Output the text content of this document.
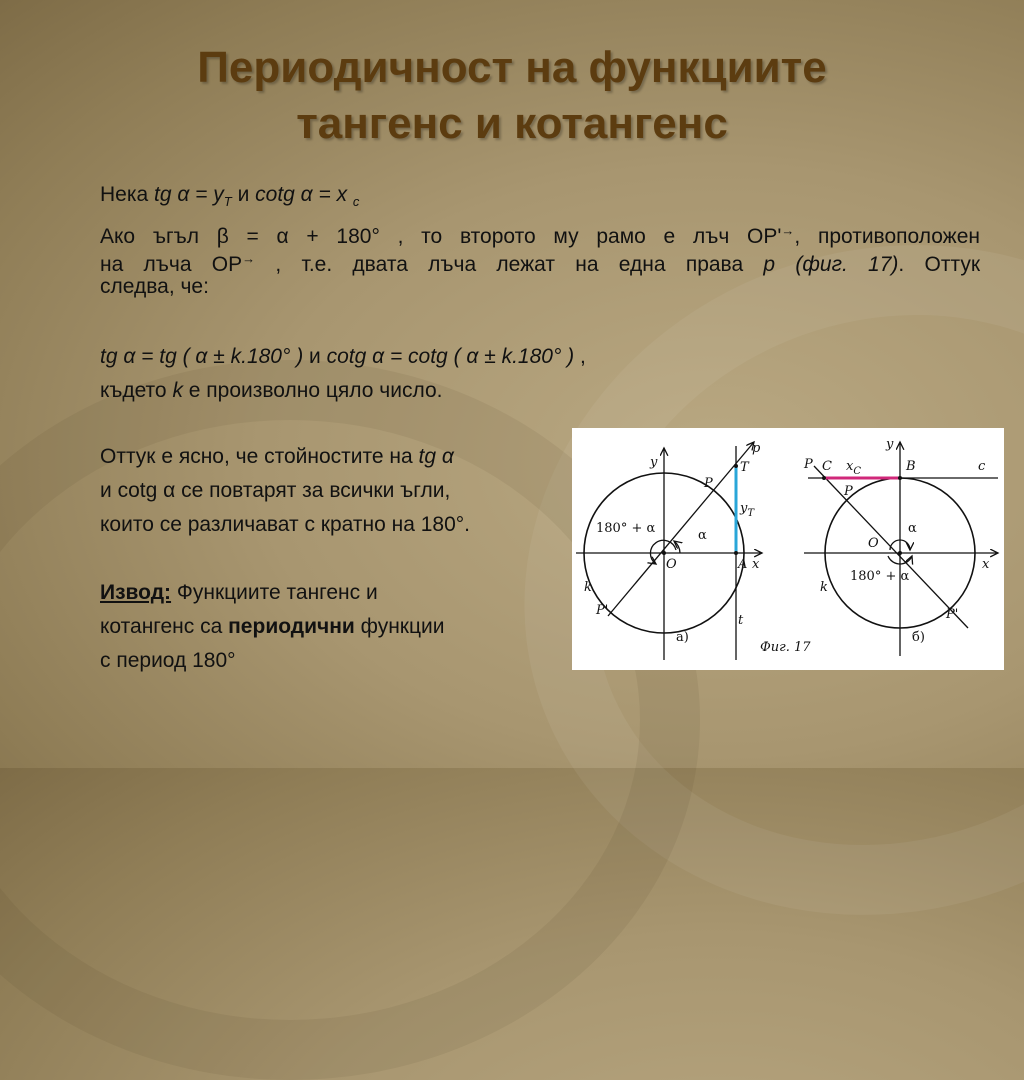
Периодичност на функциите
тангенс и котангенс
Нека tg $\alpha = y_T$ и cotg α = x $_c$
Ако ъгъл β = α + 180° , то второто му рамо е лъч OP'→, противоположен
на лъча OP→ , т.е. двата лъча лежат на една права p (фиг. 17). Оттук
следва, че:
tg α = tg ( α ± k.180° ) и cotg α = cotg ( α ± k.180° ) ,
където k е произволно цяло число.
Оттук е ясно, че стойностите на tg α
и cotg α се повтарят за всички ъгли,
които се различават с кратно на 180°.
Извод: Функциите тангенс и
котангенс са периодични функции
с период 180°
y
x
O	A
P
P'
T
p
k
t
α
$y_T$
180° + α
а)
y
x
O
B
C
P
P'
P
k
c
α
$x_C$
180° + α
б)
Фиг. 17
